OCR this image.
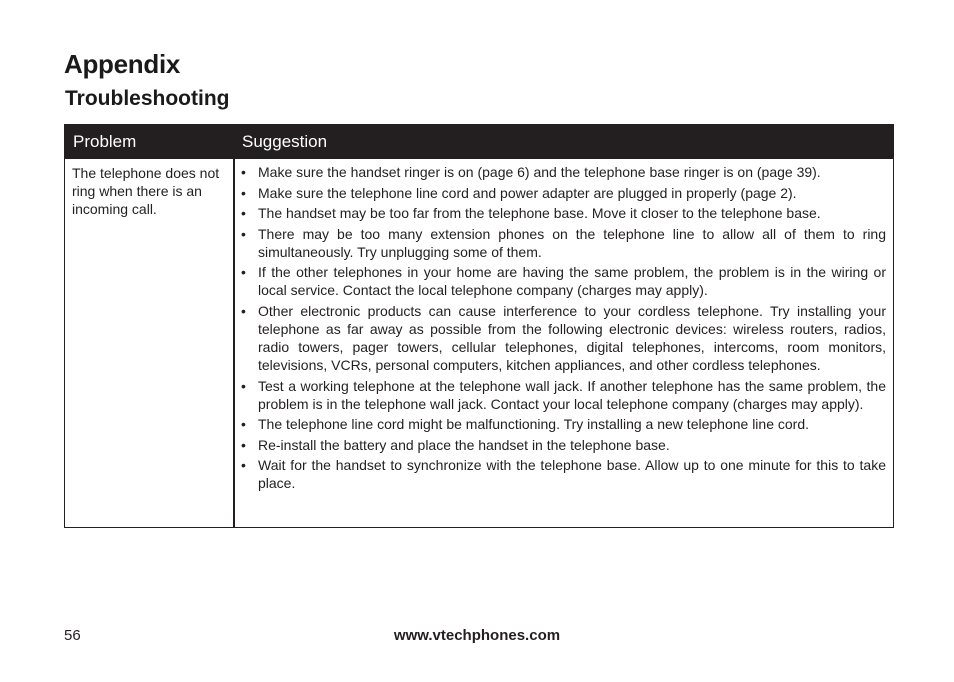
Appendix
Troubleshooting
Problem	Suggestion
The telephone does not ring when there is an incoming call.
• Make sure the handset ringer is on (page 6) and the telephone base ringer is on (page 39).
• Make sure the telephone line cord and power adapter are plugged in properly (page 2).
• The handset may be too far from the telephone base. Move it closer to the telephone base.
• There may be too many extension phones on the telephone line to allow all of them to ring simultaneously. Try unplugging some of them.
• If the other telephones in your home are having the same problem, the problem is in the wiring or local service. Contact the local telephone company (charges may apply).
• Other electronic products can cause interference to your cordless telephone. Try installing your telephone as far away as possible from the following electronic devices: wireless routers, radios, radio towers, pager towers, cellular telephones, digital telephones, intercoms, room monitors, televisions, VCRs, personal computers, kitchen appliances, and other cordless telephones.
• Test a working telephone at the telephone wall jack. If another telephone has the same problem, the problem is in the telephone wall jack. Contact your local telephone company (charges may apply).
• The telephone line cord might be malfunctioning. Try installing a new telephone line cord.
• Re-install the battery and place the handset in the telephone base.
• Wait for the handset to synchronize with the telephone base. Allow up to one minute for this to take place.
56	www.vtechphones.com
